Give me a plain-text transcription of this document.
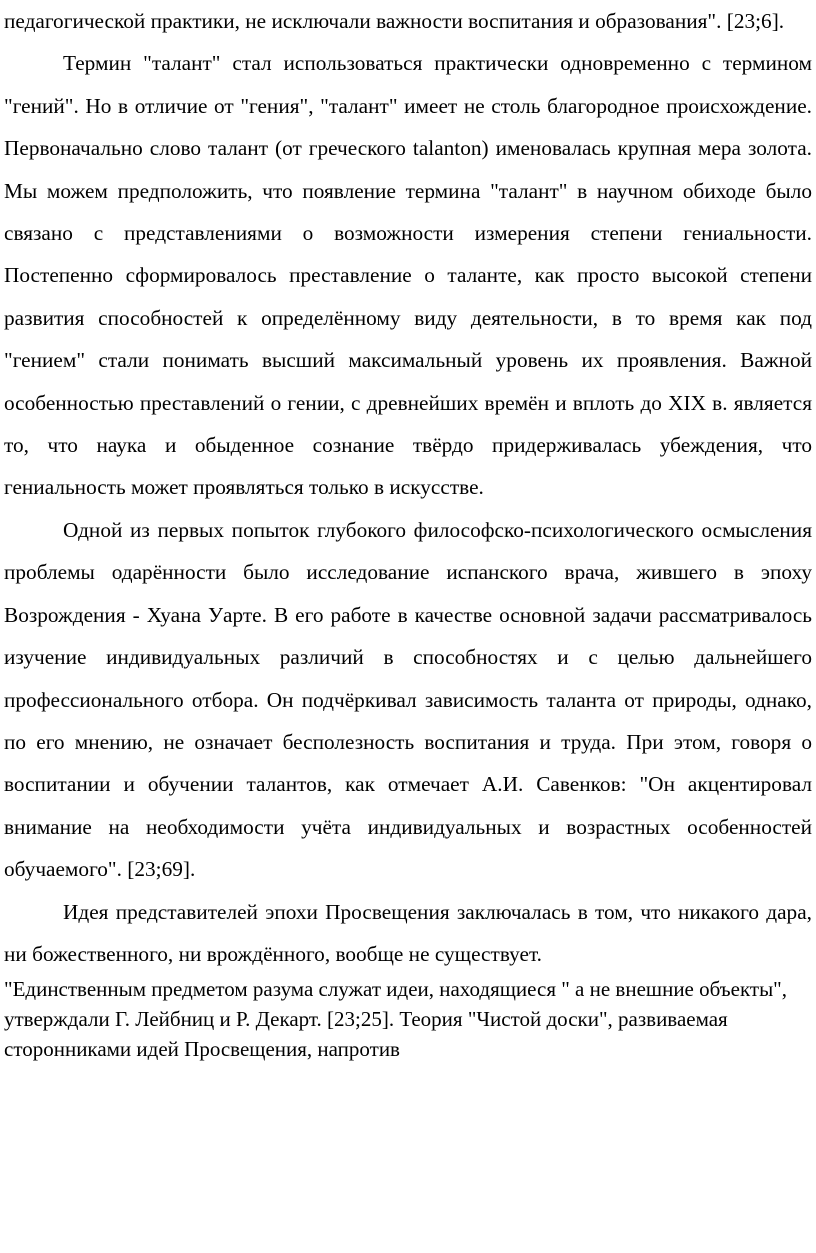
педагогической практики, не исключали важности воспитания и образования". [23;6].

Термин "талант" стал использоваться практически одновременно с термином "гений". Но в отличие от "гения", "талант" имеет не столь благородное происхождение. Первоначально слово талант (от греческого talanton) именовалась крупная мера золота. Мы можем предположить, что появление термина "талант" в научном обиходе было связано с представлениями о возможности измерения степени гениальности. Постепенно сформировалось преставление о таланте, как просто высокой степени развития способностей к определённому виду деятельности, в то время как под "гением" стали понимать высший максимальный уровень их проявления. Важной особенностью преставлений о гении, с древнейших времён и вплоть до XIX в. является то, что наука и обыденное сознание твёрдо придерживалась убеждения, что гениальность может проявляться только в искусстве.

Одной из первых попыток глубокого философско-психологического осмысления проблемы одарённости было исследование испанского врача, жившего в эпоху Возрождения - Хуана Уарте. В его работе в качестве основной задачи рассматривалось изучение индивидуальных различий в способностях и с целью дальнейшего профессионального отбора. Он подчёркивал зависимость таланта от природы, однако, по его мнению, не означает бесполезность воспитания и труда. При этом, говоря о воспитании и обучении талантов, как отмечает А.И. Савенков: "Он акцентировал внимание на необходимости учёта индивидуальных и возрастных особенностей обучаемого". [23;69].

Идея представителей эпохи Просвещения заключалась в том, что никакого дара, ни божественного, ни врождённого, вообще не существует.

"Единственным предметом разума служат идеи, находящиеся " а не внешние объекты", утверждали Г. Лейбниц и Р. Декарт. [23;25]. Теория "Чистой доски", развиваемая сторонниками идей Просвещения, напротив
